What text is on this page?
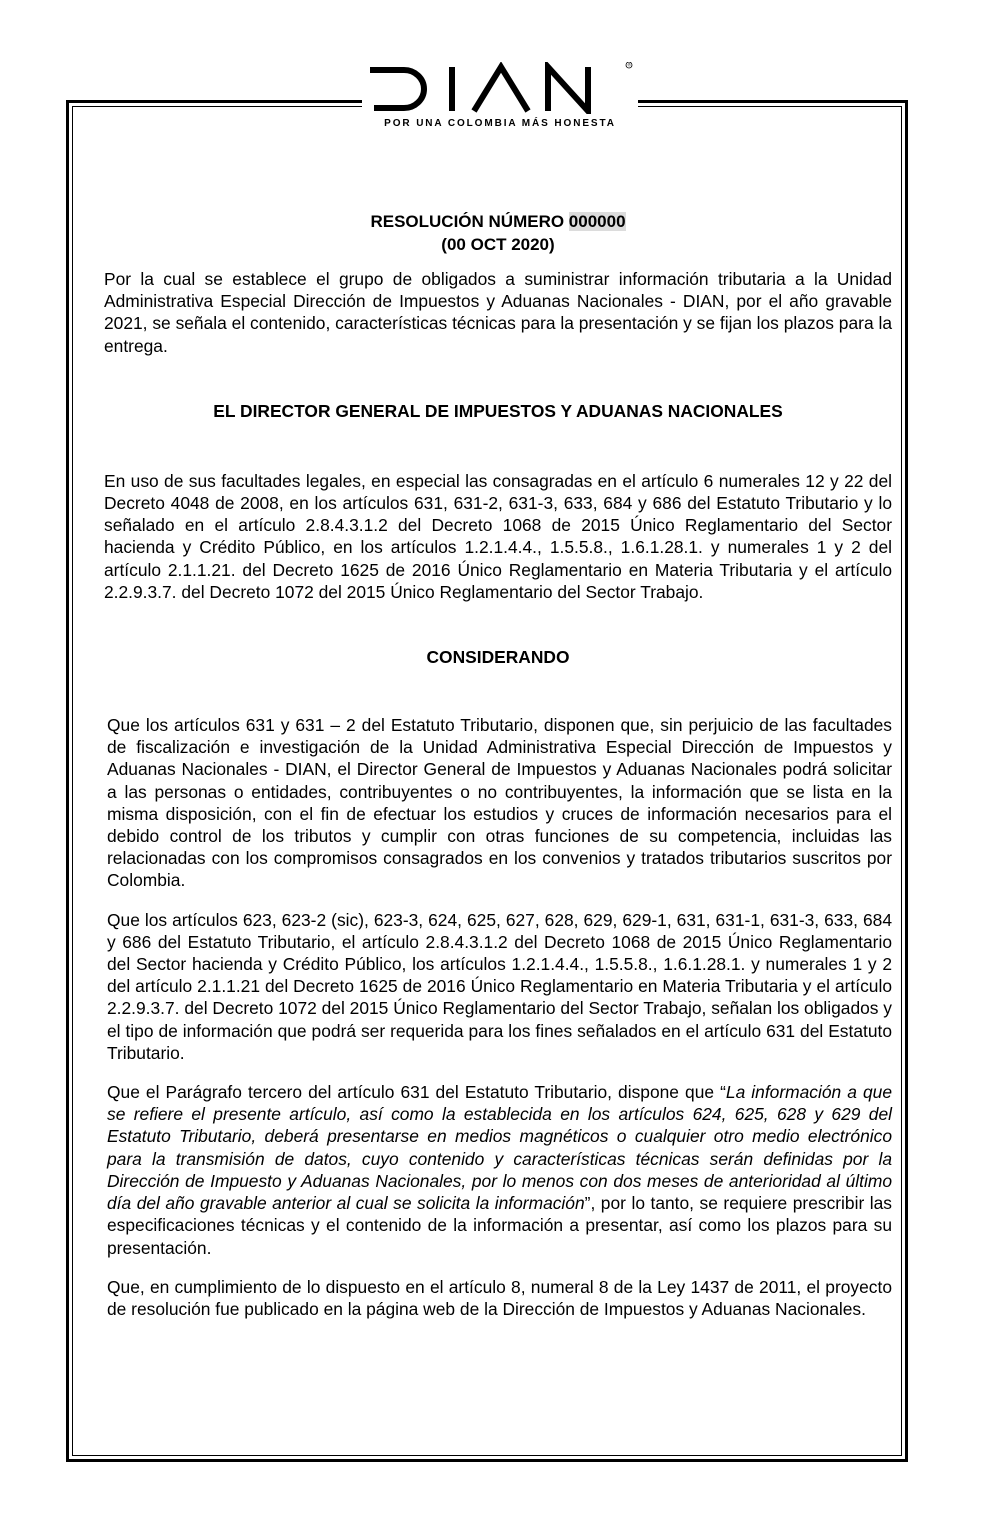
®
POR UNA COLOMBIA MÁS HONESTA

RESOLUCIÓN NÚMERO 000000

(00 OCT 2020)

Por la cual se establece el grupo de obligados a suministrar información tributaria a la Unidad Administrativa Especial Dirección de Impuestos y Aduanas Nacionales - DIAN, por el año gravable 2021, se señala el contenido, características técnicas para la presentación y se fijan los plazos para la entrega.

EL DIRECTOR GENERAL DE IMPUESTOS Y ADUANAS NACIONALES

En uso de sus facultades legales, en especial las consagradas en el artículo 6 numerales 12 y 22 del Decreto 4048 de 2008, en los artículos 631, 631-2, 631-3, 633, 684 y 686 del Estatuto Tributario y lo señalado en el artículo 2.8.4.3.1.2 del Decreto 1068 de 2015 Único Reglamentario del Sector hacienda y Crédito Público, en los artículos 1.2.1.4.4., 1.5.5.8., 1.6.1.28.1. y numerales 1 y 2 del artículo 2.1.1.21. del Decreto 1625 de 2016 Único Reglamentario en Materia Tributaria y el artículo 2.2.9.3.7. del Decreto 1072 del 2015 Único Reglamentario del Sector Trabajo.

CONSIDERANDO

Que los artículos 631 y 631 – 2 del Estatuto Tributario, disponen que, sin perjuicio de las facultades de fiscalización e investigación de la Unidad Administrativa Especial Dirección de Impuestos y Aduanas Nacionales - DIAN, el Director General de Impuestos y Aduanas Nacionales podrá solicitar a las personas o entidades, contribuyentes o no contribuyentes, la información que se lista en la misma disposición, con el fin de efectuar los estudios y cruces de información necesarios para el debido control de los tributos y cumplir con otras funciones de su competencia, incluidas las relacionadas con los compromisos consagrados en los convenios y tratados tributarios suscritos por Colombia.

Que los artículos 623, 623-2 (sic), 623-3, 624, 625, 627, 628, 629, 629-1, 631, 631-1, 631-3, 633, 684 y 686 del Estatuto Tributario, el artículo 2.8.4.3.1.2 del Decreto 1068 de 2015 Único Reglamentario del Sector hacienda y Crédito Público, los artículos 1.2.1.4.4., 1.5.5.8., 1.6.1.28.1. y numerales 1 y 2 del artículo 2.1.1.21 del Decreto 1625 de 2016 Único Reglamentario en Materia Tributaria y el artículo 2.2.9.3.7. del Decreto 1072 del 2015 Único Reglamentario del Sector Trabajo, señalan los obligados y el tipo de información que podrá ser requerida para los fines señalados en el artículo 631 del Estatuto Tributario.

Que el Parágrafo tercero del artículo 631 del Estatuto Tributario, dispone que “La información a que se refiere el presente artículo, así como la establecida en los artículos 624, 625, 628 y 629 del Estatuto Tributario, deberá presentarse en medios magnéticos o cualquier otro medio electrónico para la transmisión de datos, cuyo contenido y características técnicas serán definidas por la Dirección de Impuesto y Aduanas Nacionales, por lo menos con dos meses de anterioridad al último día del año gravable anterior al cual se solicita la información”, por lo tanto, se requiere prescribir las especificaciones técnicas y el contenido de la información a presentar, así como los plazos para su presentación.

Que, en cumplimiento de lo dispuesto en el artículo 8, numeral 8 de la Ley 1437 de 2011, el proyecto de resolución fue publicado en la página web de la Dirección de Impuestos y Aduanas Nacionales.
